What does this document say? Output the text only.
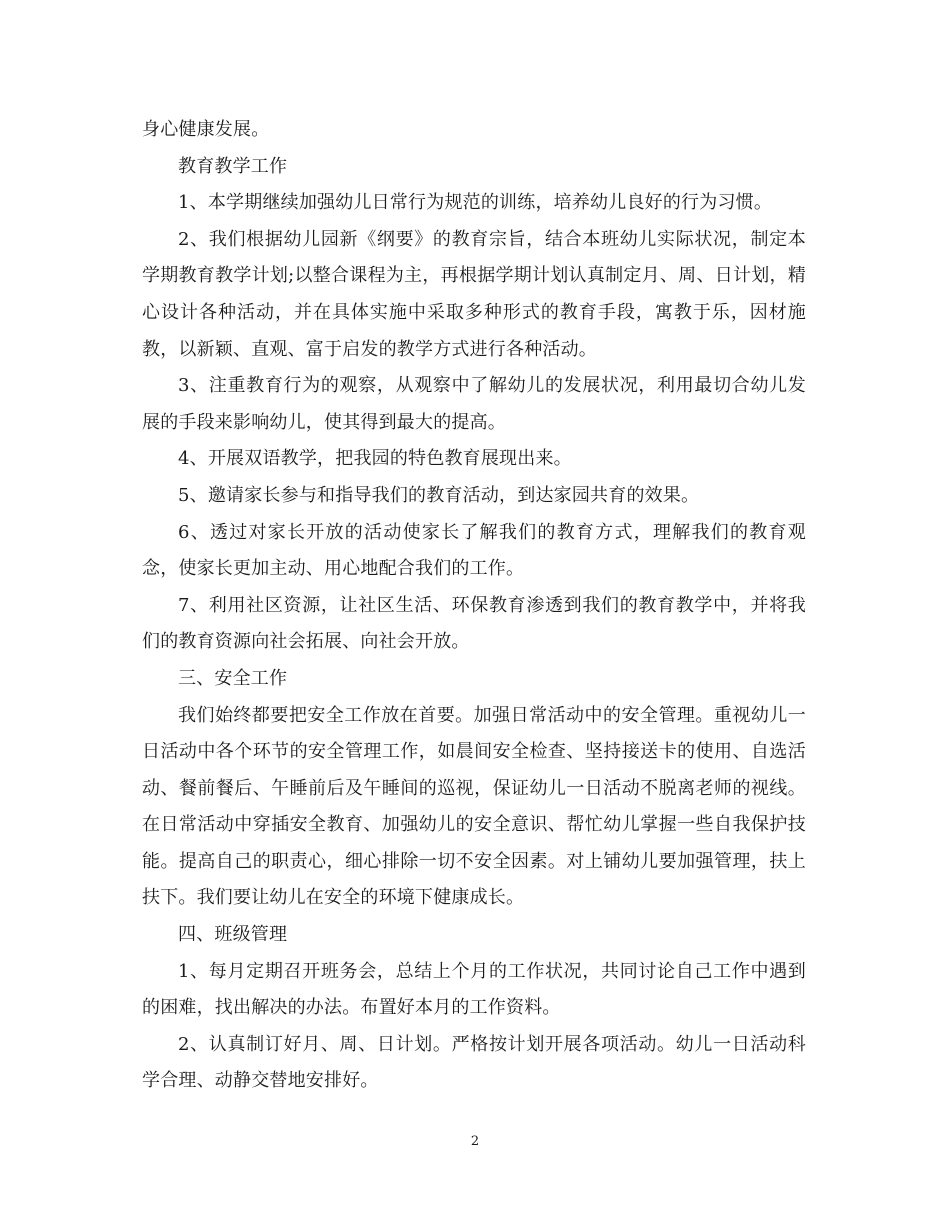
身心健康发展。

教育教学工作

1、本学期继续加强幼儿日常行为规范的训练，培养幼儿良好的行为习惯。

2、我们根据幼儿园新《纲要》的教育宗旨，结合本班幼儿实际状况，制定本学期教育教学计划;以整合课程为主，再根据学期计划认真制定月、周、日计划，精心设计各种活动，并在具体实施中采取多种形式的教育手段，寓教于乐，因材施教，以新颖、直观、富于启发的教学方式进行各种活动。

3、注重教育行为的观察，从观察中了解幼儿的发展状况，利用最切合幼儿发展的手段来影响幼儿，使其得到最大的提高。

4、开展双语教学，把我园的特色教育展现出来。

5、邀请家长参与和指导我们的教育活动，到达家园共育的效果。

6、透过对家长开放的活动使家长了解我们的教育方式，理解我们的教育观念，使家长更加主动、用心地配合我们的工作。

7、利用社区资源，让社区生活、环保教育渗透到我们的教育教学中，并将我们的教育资源向社会拓展、向社会开放。

三、安全工作

我们始终都要把安全工作放在首要。加强日常活动中的安全管理。重视幼儿一日活动中各个环节的安全管理工作，如晨间安全检查、坚持接送卡的使用、自选活动、餐前餐后、午睡前后及午睡间的巡视，保证幼儿一日活动不脱离老师的视线。在日常活动中穿插安全教育、加强幼儿的安全意识、帮忙幼儿掌握一些自我保护技能。提高自己的职责心，细心排除一切不安全因素。对上铺幼儿要加强管理，扶上扶下。我们要让幼儿在安全的环境下健康成长。

四、班级管理

1、每月定期召开班务会，总结上个月的工作状况，共同讨论自己工作中遇到的困难，找出解决的办法。布置好本月的工作资料。

2、认真制订好月、周、日计划。严格按计划开展各项活动。幼儿一日活动科学合理、动静交替地安排好。

2
